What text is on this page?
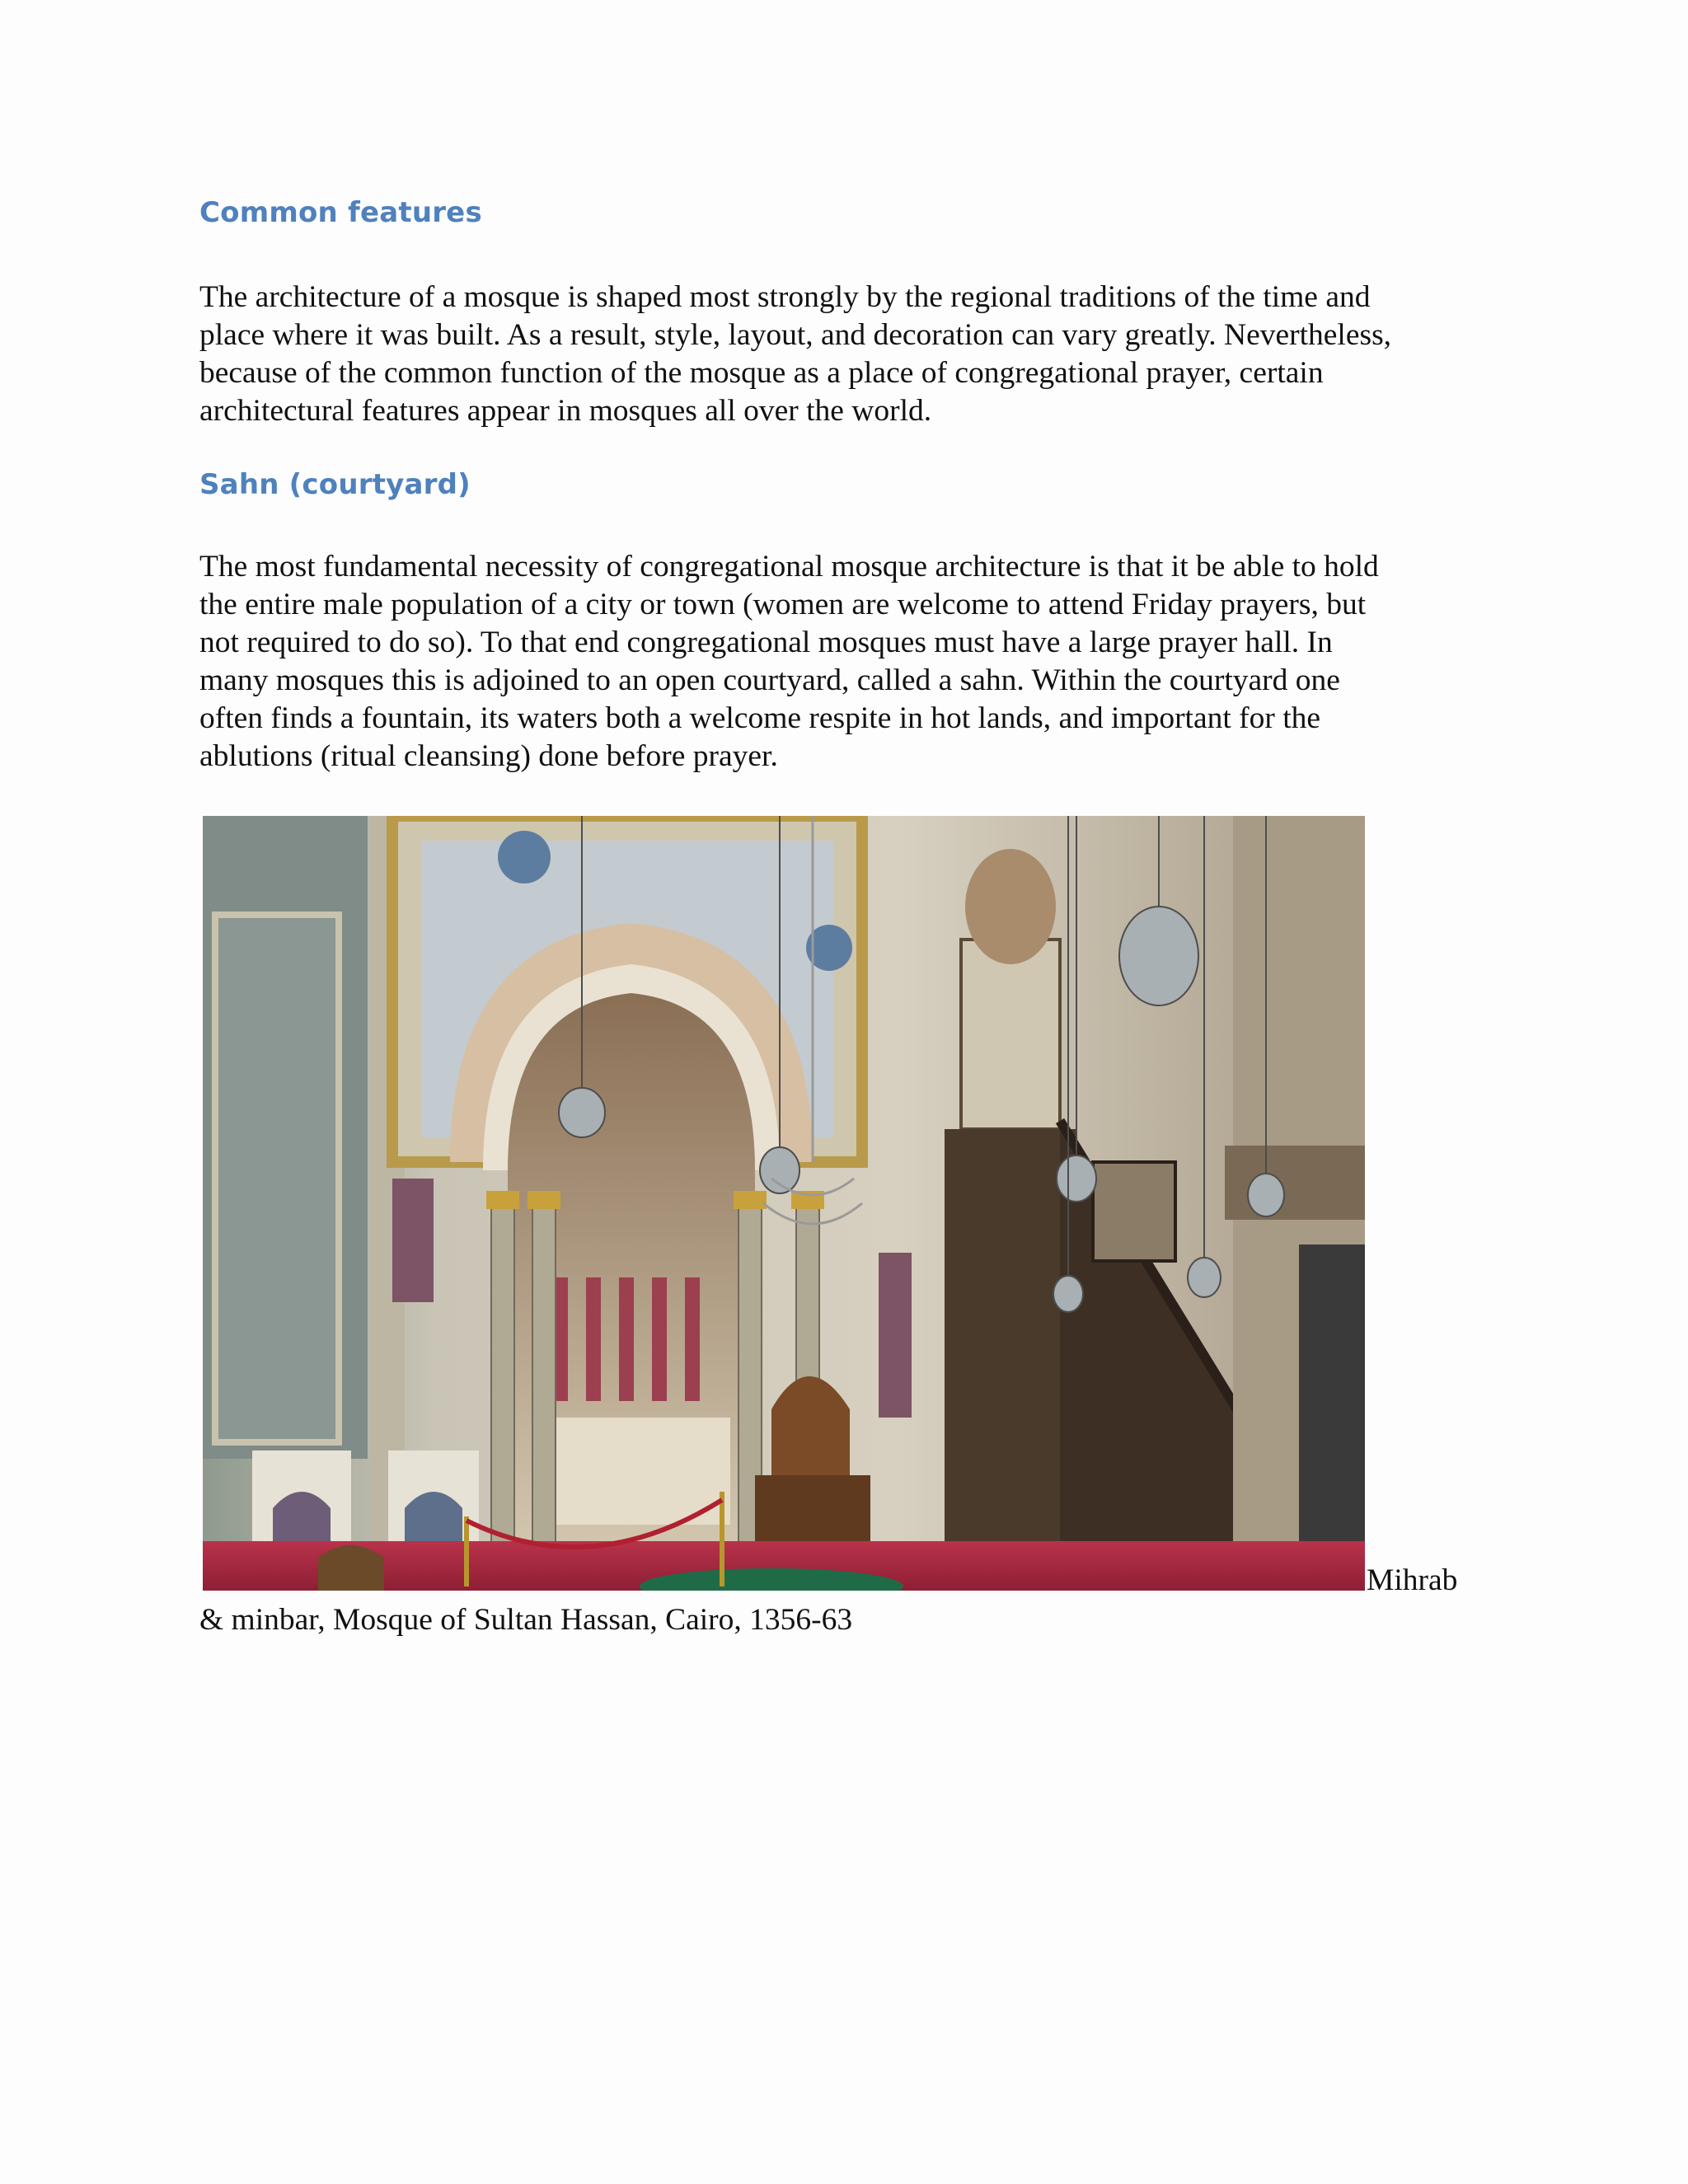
Common features

The architecture of a mosque is shaped most strongly by the regional traditions of the time and
place where it was built. As a result, style, layout, and decoration can vary greatly. Nevertheless,
because of the common function of the mosque as a place of congregational prayer, certain
architectural features appear in mosques all over the world.

Sahn (courtyard)

The most fundamental necessity of congregational mosque architecture is that it be able to hold
the entire male population of a city or town (women are welcome to attend Friday prayers, but
not required to do so). To that end congregational mosques must have a large prayer hall. In
many mosques this is adjoined to an open courtyard, called a sahn. Within the courtyard one
often finds a fountain, its waters both a welcome respite in hot lands, and important for the
ablutions (ritual cleansing) done before prayer.

Mihrab
& minbar, Mosque of Sultan Hassan, Cairo, 1356-63
